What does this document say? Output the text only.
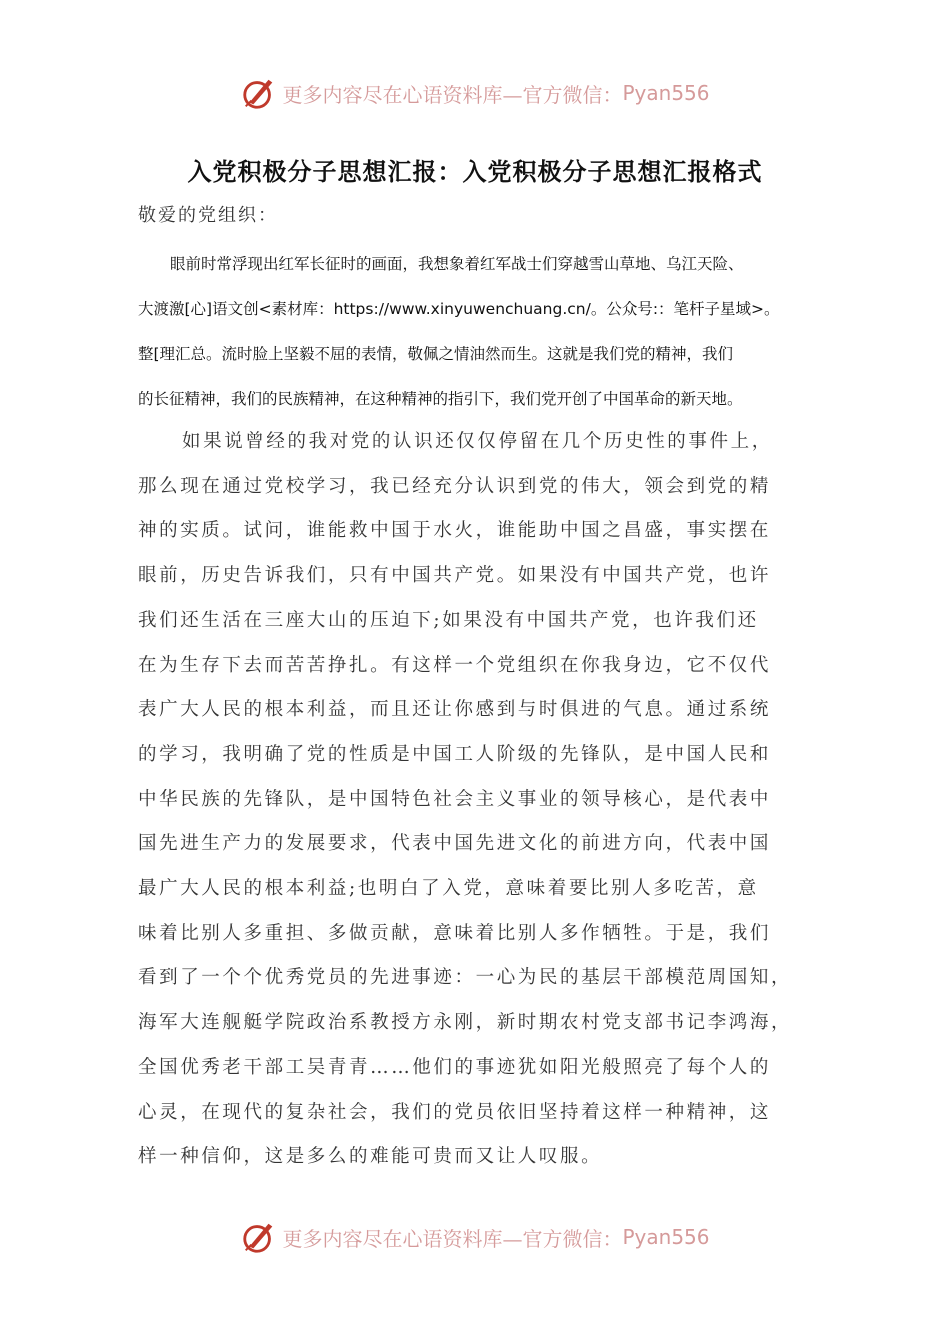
更多内容尽在心语资料库—官方微信： Pyan556
入党积极分子思想汇报：入党积极分子思想汇报格式

敬爱的党组织：

眼前时常浮现出红军长征时的画面，我想象着红军战士们穿越雪山草地、乌江天险、
大渡激[心]语文创<素材库：https://www.xinyuwenchuang.cn/。公众号:：笔杆子星域>。
整[理汇总。流时脸上坚毅不屈的表情，敬佩之情油然而生。这就是我们党的精神，我们
的长征精神，我们的民族精神，在这种精神的指引下，我们党开创了中国革命的新天地。
如果说曾经的我对党的认识还仅仅停留在几个历史性的事件上，
那么现在通过党校学习，我已经充分认识到党的伟大，领会到党的精
神的实质。试问，谁能救中国于水火，谁能助中国之昌盛，事实摆在
眼前，历史告诉我们，只有中国共产党。如果没有中国共产党，也许
我们还生活在三座大山的压迫下;如果没有中国共产党，也许我们还
在为生存下去而苦苦挣扎。有这样一个党组织在你我身边，它不仅代
表广大人民的根本利益，而且还让你感到与时俱进的气息。通过系统
的学习，我明确了党的性质是中国工人阶级的先锋队，是中国人民和
中华民族的先锋队，是中国特色社会主义事业的领导核心，是代表中
国先进生产力的发展要求，代表中国先进文化的前进方向，代表中国
最广大人民的根本利益;也明白了入党，意味着要比别人多吃苦，意
味着比别人多重担、多做贡献，意味着比别人多作牺牲。于是，我们
看到了一个个优秀党员的先进事迹：一心为民的基层干部模范周国知，
海军大连舰艇学院政治系教授方永刚，新时期农村党支部书记李鸿海，
全国优秀老干部工吴青青……他们的事迹犹如阳光般照亮了每个人的
心灵，在现代的复杂社会，我们的党员依旧坚持着这样一种精神，这
样一种信仰，这是多么的难能可贵而又让人叹服。
更多内容尽在心语资料库—官方微信： Pyan556
